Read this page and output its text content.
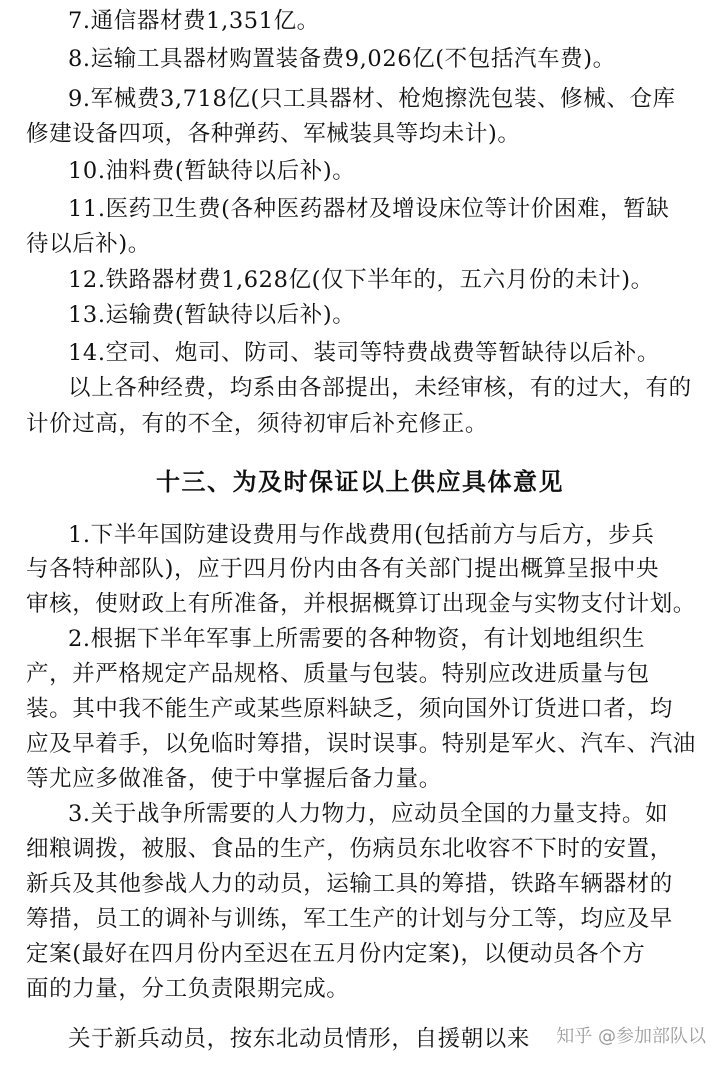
7.通信器材费1,351亿。
8.运输工具器材购置装备费9,026亿(不包括汽车费)。
9.军械费3,718亿(只工具器材、枪炮擦洗包装、修械、仓库
修建设备四项，各种弹药、军械装具等均未计)。
10.油料费(暂缺待以后补)。
11.医药卫生费(各种医药器材及增设床位等计价困难，暂缺
待以后补)。
12.铁路器材费1,628亿(仅下半年的，五六月份的未计)。
13.运输费(暂缺待以后补)。
14.空司、炮司、防司、装司等特费战费等暂缺待以后补。
以上各种经费，均系由各部提出，未经审核，有的过大，有的
计价过高，有的不全，须待初审后补充修正。
十三、为及时保证以上供应具体意见
1.下半年国防建设费用与作战费用(包括前方与后方，步兵
与各特种部队)，应于四月份内由各有关部门提出概算呈报中央
审核，使财政上有所准备，并根据概算订出现金与实物支付计划。
2.根据下半年军事上所需要的各种物资，有计划地组织生
产，并严格规定产品规格、质量与包装。特别应改进质量与包
装。其中我不能生产或某些原料缺乏，须向国外订货进口者，均
应及早着手，以免临时筹措，误时误事。特别是军火、汽车、汽油
等尤应多做准备，使于中掌握后备力量。
3.关于战争所需要的人力物力，应动员全国的力量支持。如
细粮调拨，被服、食品的生产，伤病员东北收容不下时的安置，
新兵及其他参战人力的动员，运输工具的筹措，铁路车辆器材的
筹措，员工的调补与训练，军工生产的计划与分工等，均应及早
定案(最好在四月份内至迟在五月份内定案)，以便动员各个方
面的力量，分工负责限期完成。
关于新兵动员，按东北动员情形，自援朝以来	知乎 @参加部队以
